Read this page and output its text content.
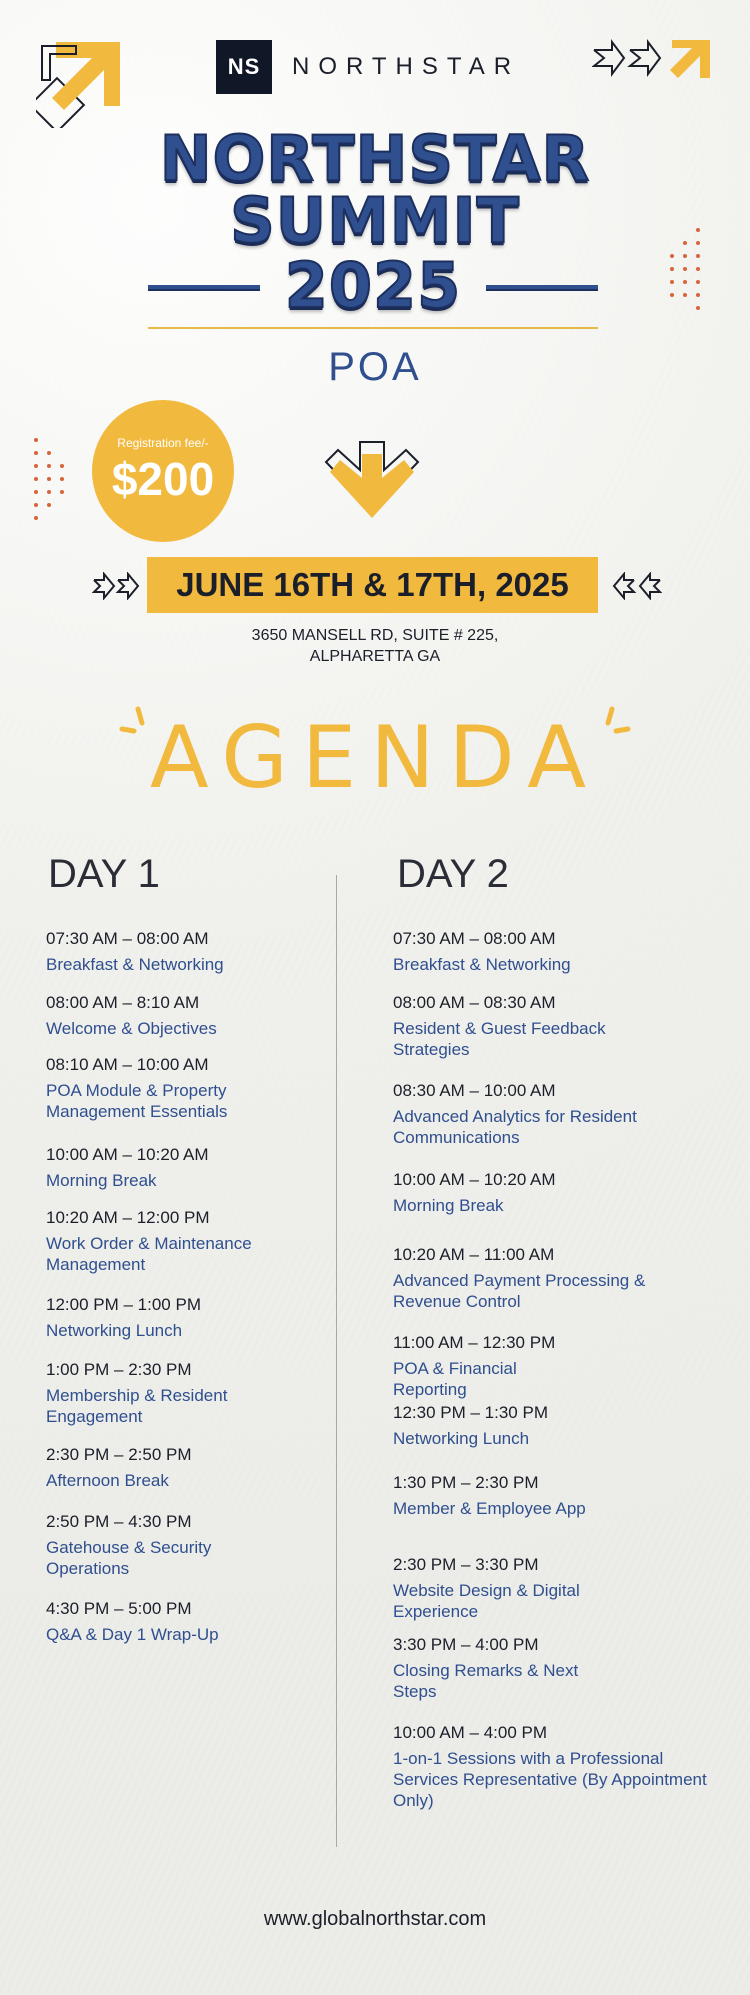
NS	NORTHSTAR
NORTHSTAR
SUMMIT
2025
POA
Registration fee/-
$200
JUNE 16TH & 17TH, 2025
3650 MANSELL RD, SUITE # 225,
ALPHARETTA GA
AGENDA
DAY 1
07:30 AM – 08:00 AM
Breakfast & Networking
08:00 AM – 8:10 AM
Welcome & Objectives
08:10 AM – 10:00 AM
POA Module & Property Management Essentials
10:00 AM – 10:20 AM
Morning Break
10:20 AM – 12:00 PM
Work Order & Maintenance Management
12:00 PM – 1:00 PM
Networking Lunch
1:00 PM – 2:30 PM
Membership & Resident Engagement
2:30 PM – 2:50 PM
Afternoon Break
2:50 PM – 4:30 PM
Gatehouse & Security Operations
4:30 PM – 5:00 PM
Q&A & Day 1 Wrap-Up
DAY 2
07:30 AM – 08:00 AM
Breakfast & Networking
08:00 AM – 08:30 AM
Resident & Guest Feedback Strategies
08:30 AM – 10:00 AM
Advanced Analytics for Resident Communications
10:00 AM – 10:20 AM
Morning Break
10:20 AM – 11:00 AM
Advanced Payment Processing & Revenue Control
11:00 AM – 12:30 PM
POA & Financial Reporting
12:30 PM – 1:30 PM
Networking Lunch
1:30 PM – 2:30 PM
Member & Employee App
2:30 PM – 3:30 PM
Website Design & Digital Experience
3:30 PM – 4:00 PM
Closing Remarks & Next Steps
10:00 AM – 4:00 PM
1-on-1 Sessions with a Professional Services Representative (By Appointment Only)
www.globalnorthstar.com
